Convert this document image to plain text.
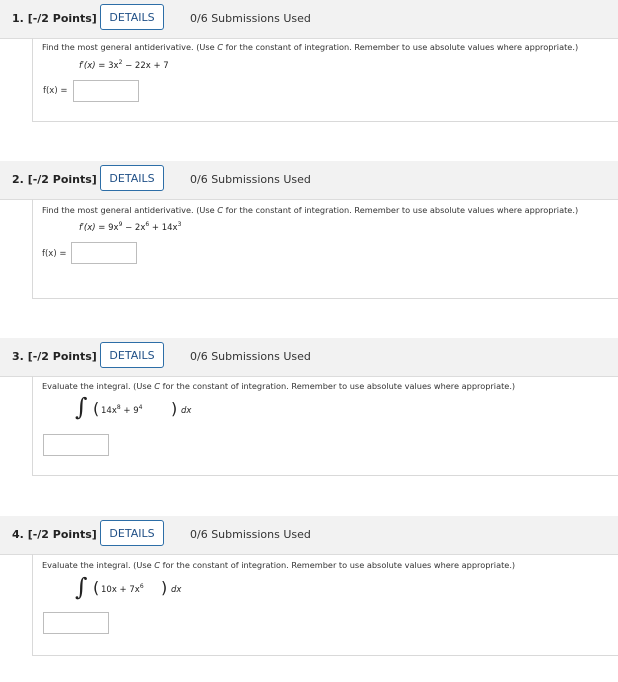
1. [-/2 Points]	DETAILS	0/6 Submissions Used
Find the most general antiderivative. (Use C for the constant of integration. Remember to use absolute values where appropriate.)
$f'(x) = 3x^2 - 22x + 7$
f(x) =
2. [-/2 Points]	DETAILS	0/6 Submissions Used
Find the most general antiderivative. (Use C for the constant of integration. Remember to use absolute values where appropriate.)
$f'(x) = 9x^9 - 2x^6 + 14x^3$
f(x) =
3. [-/2 Points]	DETAILS	0/6 Submissions Used
Evaluate the integral. (Use C for the constant of integration. Remember to use absolute values where appropriate.)
∫ ( $14x^8 + 9^4$ ) dx
4. [-/2 Points]	DETAILS	0/6 Submissions Used
Evaluate the integral. (Use C for the constant of integration. Remember to use absolute values where appropriate.)
∫ ( $10x + 7x^6$ ) dx
